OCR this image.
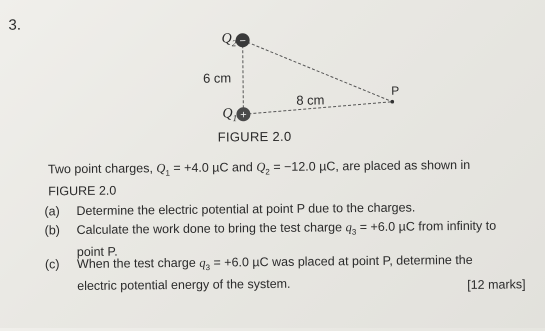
3.
−
+
$Q_2$
$Q_1$
6 cm
8 cm
P
FIGURE 2.0
Two point charges, $Q_1 = +4.0$ µC and $Q_2 = -12.0$ µC, are placed as shown in
FIGURE 2.0
(a) Determine the electric potential at point P due to the charges.
(b) Calculate the work done to bring the test charge $q_3 = +6.0$ µC from infinity to
point P.
(c) When the test charge $q_3 = +6.0$ µC was placed at point P, determine the
electric potential energy of the system.	[12 marks]
